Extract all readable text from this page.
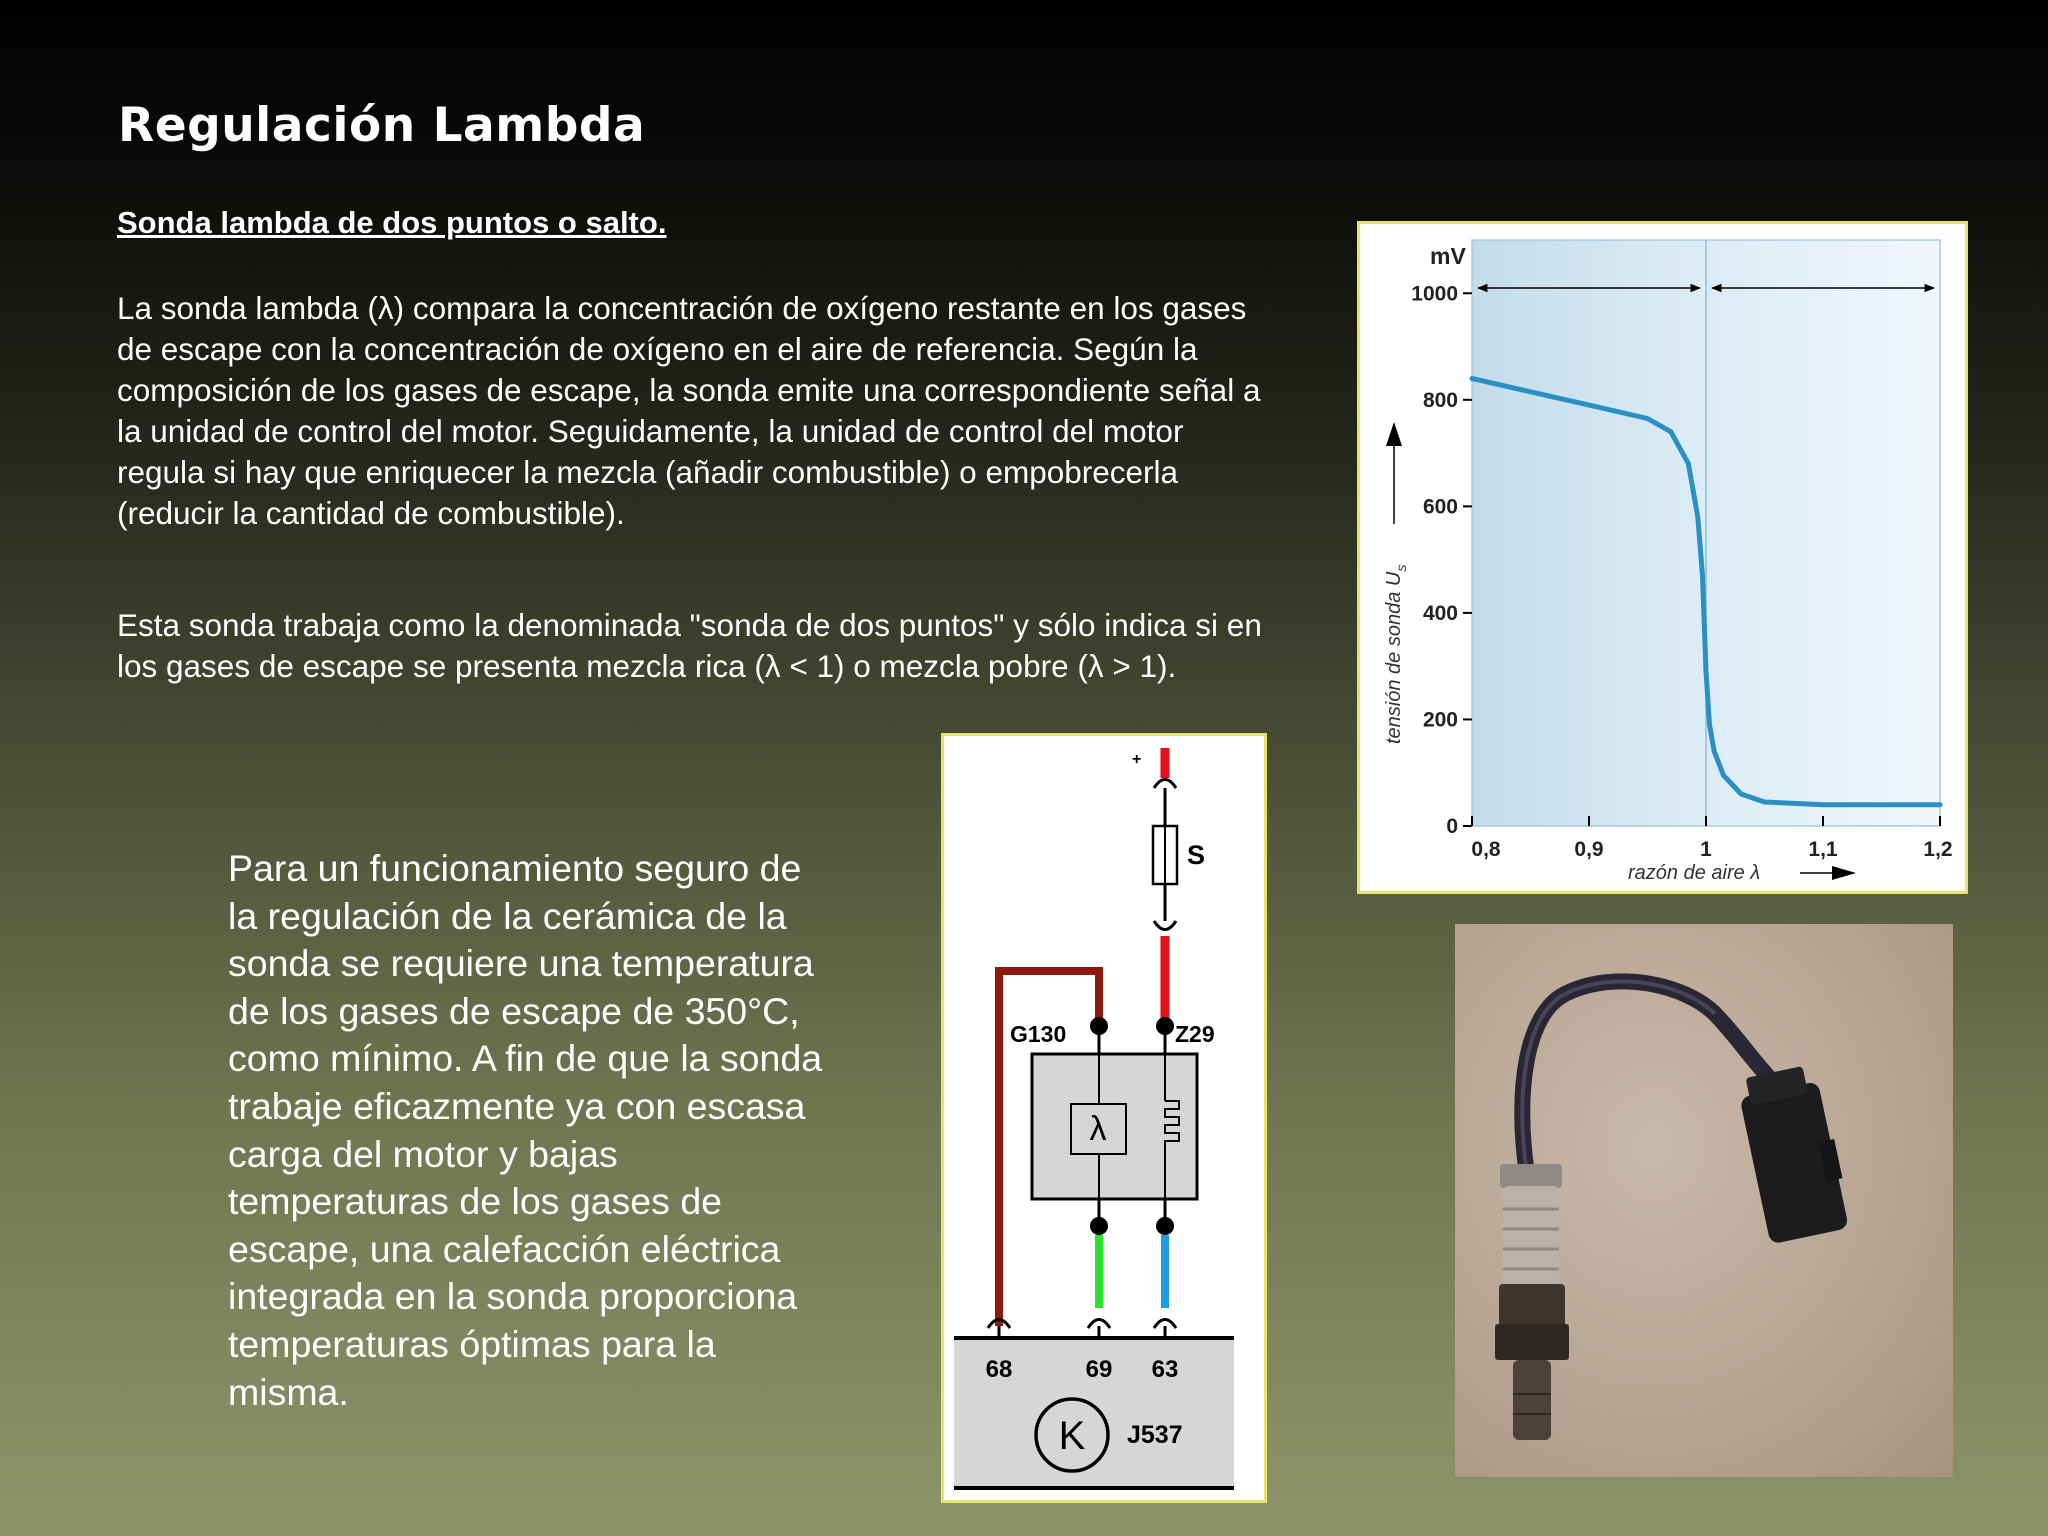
Regulación Lambda
Sonda lambda de dos puntos o salto.
La sonda lambda (λ) compara la concentración de oxígeno restante en los gases de escape con la concentración de oxígeno en el aire de referencia. Según la composición de los gases de escape, la sonda emite una correspondiente señal a la unidad de control del motor. Seguidamente, la unidad de control del motor regula si hay que enriquecer la mezcla (añadir combustible) o empobrecerla (reducir la cantidad de combustible).
Esta sonda trabaja como la denominada "sonda de dos puntos" y sólo indica si en los gases de escape se presenta mezcla rica (λ < 1) o mezcla pobre (λ > 1).
Para un funcionamiento seguro de la regulación de la cerámica de la sonda se requiere una temperatura de los gases de escape de 350°C, como mínimo. A fin de que la sonda trabaje eficazmente ya con escasa carga del motor y bajas temperaturas de los gases de escape, una calefacción eléctrica integrada en la sonda proporciona temperaturas óptimas para la misma.
+
S
G130	Z29
λ
68	69 63
K J537
mV
0
200
400
600
800
1000
0,8	0,9	1	1,1	1,2
tensión de sonda $U_s$
razón de aire λ
